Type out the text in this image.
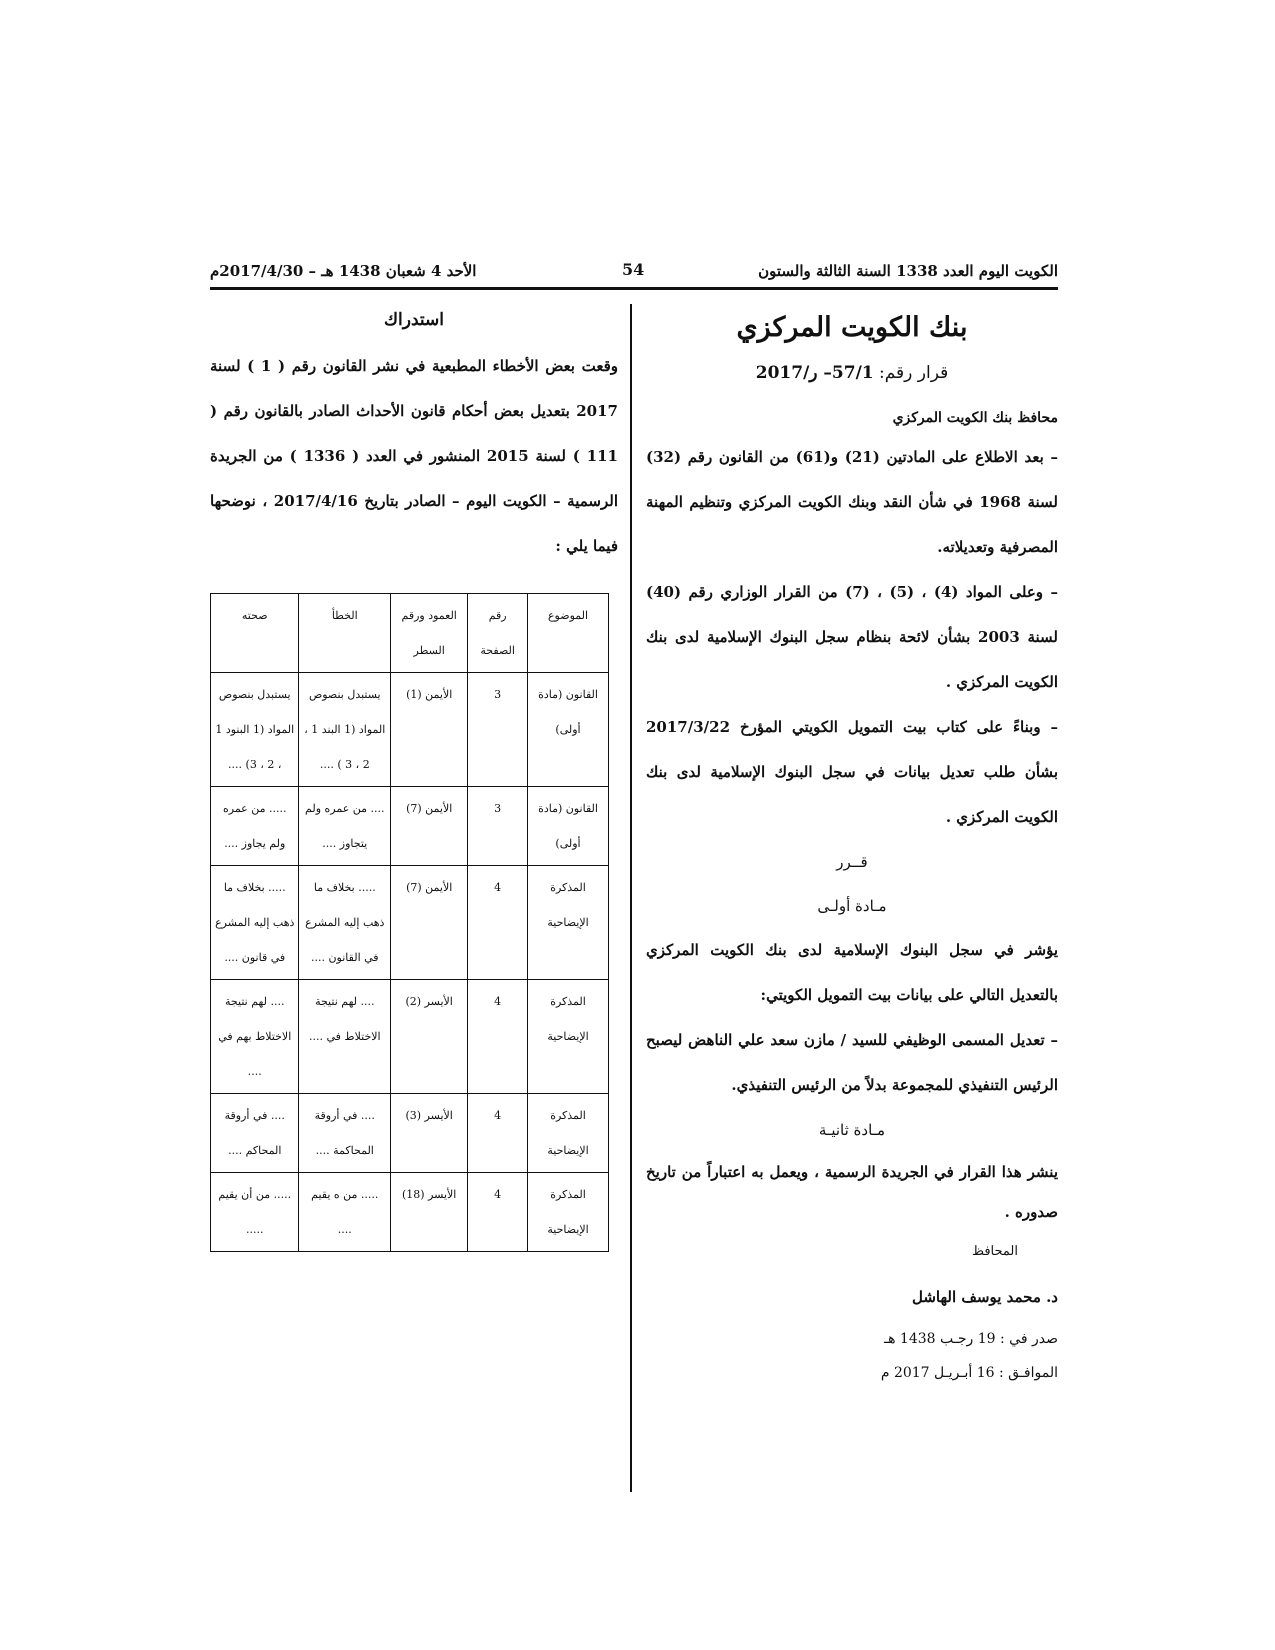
الكويت اليوم العدد 1338 السنة الثالثة والستون
54
الأحد 4 شعبان 1438 هـ – 2017/4/30م
بنك الكويت المركزي
قرار رقم: 57/1– ر/2017

محافظ بنك الكويت المركزي

– بعد الاطلاع على المادتين (21) و(61) من القانون رقم (32) لسنة 1968 في شأن النقد وبنك الكويت المركزي وتنظيم المهنة المصرفية وتعديلاته.

– وعلى المواد (4) ، (5) ، (7) من القرار الوزاري رقم (40) لسنة 2003 بشأن لائحة بنظام سجل البنوك الإسلامية لدى بنك الكويت المركزي .

– وبناءً على كتاب بيت التمويل الكويتي المؤرخ 2017/3/22 بشأن طلب تعديل بيانات في سجل البنوك الإسلامية لدى بنك الكويت المركزي .

قــرر

مـادة أولـى

يؤشر في سجل البنوك الإسلامية لدى بنك الكويت المركزي بالتعديل التالي على بيانات بيت التمويل الكويتي:

– تعديل المسمى الوظيفي للسيد / مازن سعد علي الناهض ليصبح الرئيس التنفيذي للمجموعة بدلاً من الرئيس التنفيذي.

مـادة ثانيـة

ينشر هذا القرار في الجريدة الرسمية ، ويعمل به اعتباراً من تاريخ صدوره .

المحافظ

د. محمد يوسف الهاشل

صدر في : 19 رجـب 1438 هـ

الموافـق : 16 أبـريـل 2017 م

استدراك

وقعت بعض الأخطاء المطبعية في نشر القانون رقم ( 1 ) لسنة 2017 بتعديل بعض أحكام قانون الأحداث الصادر بالقانون رقم ( 111 ) لسنة 2015 المنشور في العدد ( 1336 ) من الجريدة الرسمية – الكويت اليوم – الصادر بتاريخ 2017/4/16 ، نوضحها فيما يلي :

الموضوع	رقم الصفحة	العمود ورقم السطر	الخطأ	صحته
القانون (مادة أولى)	3	الأيمن (1)	يستبدل بنصوص المواد (1 البند 1 ، 2 ، 3 ) ....	يستبدل بنصوص المواد (1 البنود 1 ، 2 ، 3) ....
القانون (مادة أولى)	3	الأيمن (7)	.... من عمره ولم يتجاوز ....	..... من عمره ولم يجاوز ....
المذكرة الإيضاحية	4	الأيمن (7)	..... بخلاف ما ذهب إليه المشرع في القانون ....	..... بخلاف ما ذهب إليه المشرع في قانون ....
المذكرة الإيضاحية	4	الأيسر (2)	.... لهم نتيجة الاختلاط في ....	.... لهم نتيجة الاختلاط بهم في ....
المذكرة الإيضاحية	4	الأيسر (3)	.... في أروقة المحاكمة ....	.... في أروقة المحاكم ....
المذكرة الإيضاحية	4	الأيسر (18)	..... من ه يقيم ....	..... من أن يقيم .....
